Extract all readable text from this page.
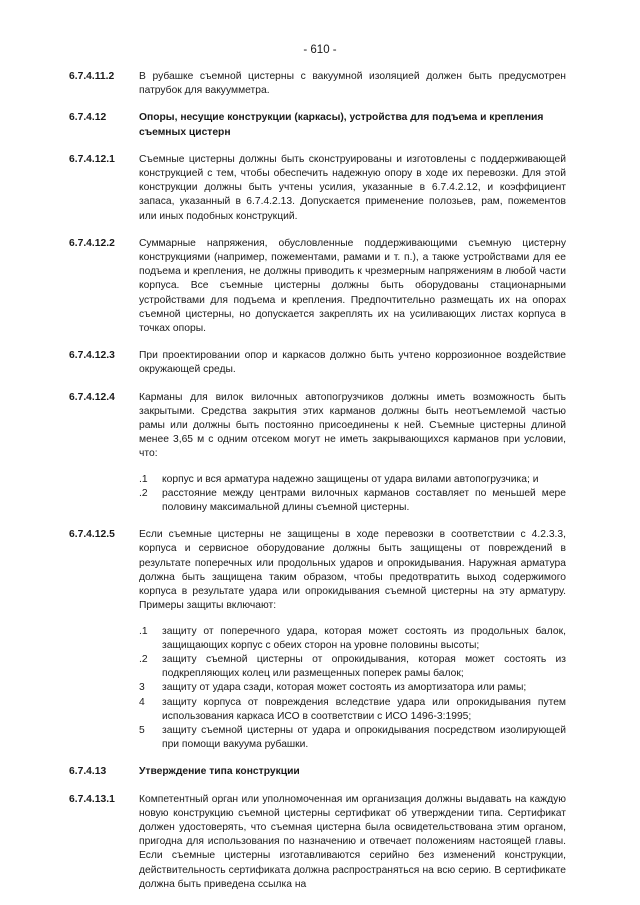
- 610 -
6.7.4.11.2 В рубашке съемной цистерны с вакуумной изоляцией должен быть предусмотрен патрубок для вакуумметра.
6.7.4.12	Опоры, несущие конструкции (каркасы), устройства для подъема и крепления съемных цистерн
6.7.4.12.1 Съемные цистерны должны быть сконструированы и изготовлены с поддерживающей конструкцией с тем, чтобы обеспечить надежную опору в ходе их перевозки. Для этой конструкции должны быть учтены усилия, указанные в 6.7.4.2.12, и коэффициент запаса, указанный в 6.7.4.2.13. Допускается применение полозьев, рам, пожементов или иных подобных конструкций.
6.7.4.12.2 Суммарные напряжения, обусловленные поддерживающими съемную цистерну конструкциями (например, пожементами, рамами и т. п.), а также устройствами для ее подъема и крепления, не должны приводить к чрезмерным напряжениям в любой части корпуса. Все съемные цистерны должны быть оборудованы стационарными устройствами для подъема и крепления. Предпочтительно размещать их на опорах съемной цистерны, но допускается закреплять их на усиливающих листах корпуса в точках опоры.
6.7.4.12.3 При проектировании опор и каркасов должно быть учтено коррозионное воздействие окружающей среды.
6.7.4.12.4 Карманы для вилок вилочных автопогрузчиков должны иметь возможность быть закрытыми. Средства закрытия этих карманов должны быть неотъемлемой частью рамы или должны быть постоянно присоединены к ней. Съемные цистерны длиной менее 3,65 м с одним отсеком могут не иметь закрывающихся карманов при условии, что:
.1 корпус и вся арматура надежно защищены от удара вилами автопогрузчика; и
.2 расстояние между центрами вилочных карманов составляет по меньшей мере половину максимальной длины съемной цистерны.
6.7.4.12.5 Если съемные цистерны не защищены в ходе перевозки в соответствии с 4.2.3.3, корпуса и сервисное оборудование должны быть защищены от повреждений в результате поперечных или продольных ударов и опрокидывания. Наружная арматура должна быть защищена таким образом, чтобы предотвратить выход содержимого корпуса в результате удара или опрокидывания съемной цистерны на эту арматуру. Примеры защиты включают:
.1 защиту от поперечного удара, которая может состоять из продольных балок, защищающих корпус с обеих сторон на уровне половины высоты;
.2 защиту съемной цистерны от опрокидывания, которая может состоять из подкрепляющих колец или размещенных поперек рамы балок;
3 защиту от удара сзади, которая может состоять из амортизатора или рамы;
4 защиту корпуса от повреждения вследствие удара или опрокидывания путем использования каркаса ИСО в соответствии с ИСО 1496-3:1995;
5 защиту съемной цистерны от удара и опрокидывания посредством изолирующей при помощи вакуума рубашки.
6.7.4.13	Утверждение типа конструкции
6.7.4.13.1 Компетентный орган или уполномоченная им организация должны выдавать на каждую новую конструкцию съемной цистерны сертификат об утверждении типа. Сертификат должен удостоверять, что съемная цистерна была освидетельствована этим органом, пригодна для использования по назначению и отвечает положениям настоящей главы. Если съемные цистерны изготавливаются серийно без изменений конструкции, действительность сертификата должна распространяться на всю серию. В сертификате должна быть приведена ссылка на
